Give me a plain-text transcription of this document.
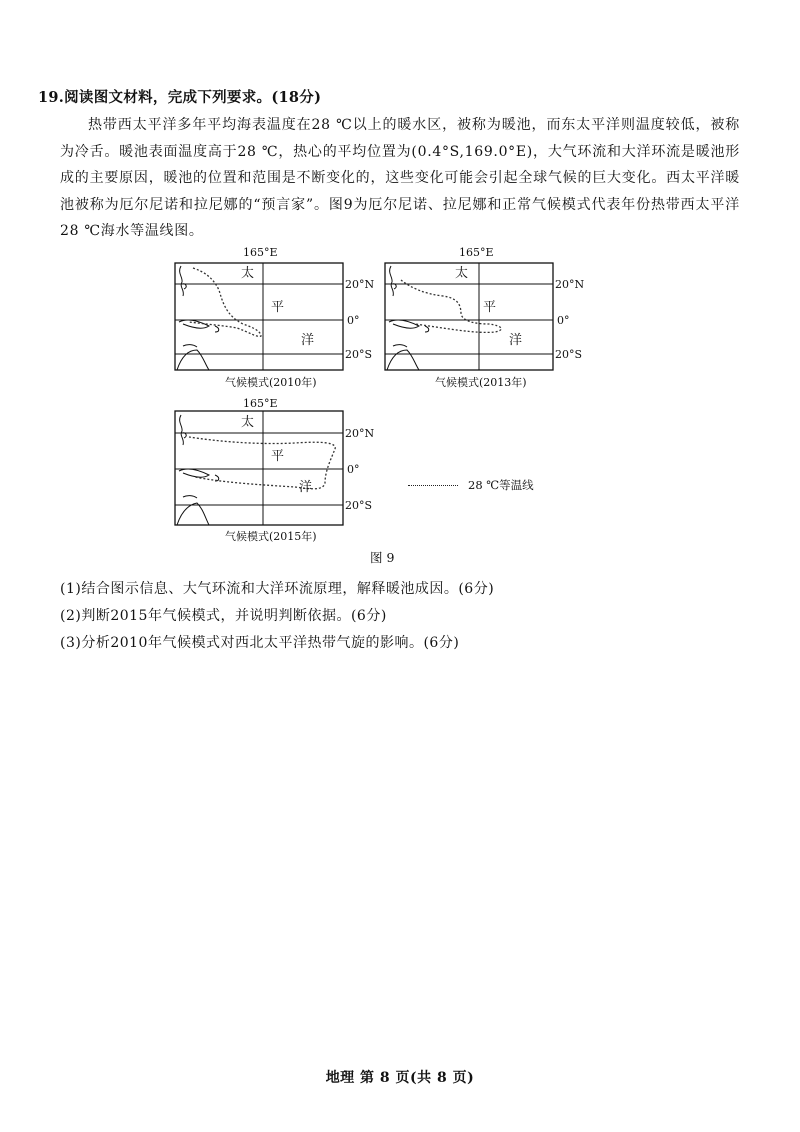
19.阅读图文材料，完成下列要求。(18分)

热带西太平洋多年平均海表温度在28 ℃以上的暖水区，被称为暖池，而东太平洋则温度较低，被称为冷舌。暖池表面温度高于28 ℃，热心的平均位置为(0.4°S,169.0°E)，大气环流和大洋环流是暖池形成的主要原因，暖池的位置和范围是不断变化的，这些变化可能会引起全球气候的巨大变化。西太平洋暖池被称为厄尔尼诺和拉尼娜的“预言家”。图9为厄尔尼诺、拉尼娜和正常气候模式代表年份热带西太平洋28 ℃海水等温线图。

165°E
太
平
洋
20°N
0°
20°S
气候模式(2010年)
165°E
太
平
洋
20°N
0°
20°S
气候模式(2013年)
165°E
太
平
洋
20°N
0°
20°S
气候模式(2015年)
28 ℃等温线
图 9
(1)结合图示信息、大气环流和大洋环流原理，解释暖池成因。(6分)
(2)判断2015年气候模式，并说明判断依据。(6分)
(3)分析2010年气候模式对西北太平洋热带气旋的影响。(6分)
地理 第 8 页(共 8 页)
